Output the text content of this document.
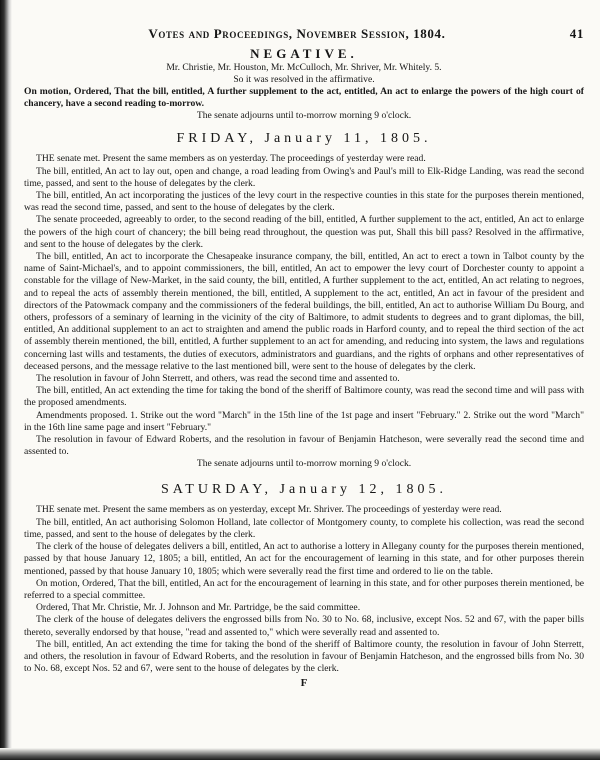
Votes and Proceedings, November Session, 1804.	41
NEGATIVE.
Mr. Christie, Mr. Houston, Mr. McCulloch, Mr. Shriver, Mr. Whitely. 5.
So it was resolved in the affirmative.

On motion, Ordered, That the bill, entitled, A further supplement to the act, entitled, An act to enlarge the powers of the high court of chancery, have a second reading to-morrow.

The senate adjourns until to-morrow morning 9 o'clock.
FRIDAY, January 11, 1805.

THE senate met. Present the same members as on yesterday. The proceedings of yesterday were read.

The bill, entitled, An act to lay out, open and change, a road leading from Owing's and Paul's mill to Elk-Ridge Landing, was read the second time, passed, and sent to the house of delegates by the clerk.

The bill, entitled, An act incorporating the justices of the levy court in the respective counties in this state for the purposes therein mentioned, was read the second time, passed, and sent to the house of delegates by the clerk.

The senate proceeded, agreeably to order, to the second reading of the bill, entitled, A further supplement to the act, entitled, An act to enlarge the powers of the high court of chancery; the bill being read throughout, the question was put, Shall this bill pass? Resolved in the affirmative, and sent to the house of delegates by the clerk.

The bill, entitled, An act to incorporate the Chesapeake insurance company, the bill, entitled, An act to erect a town in Talbot county by the name of Saint-Michael's, and to appoint commissioners, the bill, entitled, An act to empower the levy court of Dorchester county to appoint a constable for the village of New-Market, in the said county, the bill, entitled, A further supplement to the act, entitled, An act relating to negroes, and to repeal the acts of assembly therein mentioned, the bill, entitled, A supplement to the act, entitled, An act in favour of the president and directors of the Patowmack company and the commissioners of the federal buildings, the bill, entitled, An act to authorise William Du Bourg, and others, professors of a seminary of learning in the vicinity of the city of Baltimore, to admit students to degrees and to grant diplomas, the bill, entitled, An additional supplement to an act to straighten and amend the public roads in Harford county, and to repeal the third section of the act of assembly therein mentioned, the bill, entitled, A further supplement to an act for amending, and reducing into system, the laws and regulations concerning last wills and testaments, the duties of executors, administrators and guardians, and the rights of orphans and other representatives of deceased persons, and the message relative to the last mentioned bill, were sent to the house of delegates by the clerk.

The resolution in favour of John Sterrett, and others, was read the second time and assented to.

The bill, entitled, An act extending the time for taking the bond of the sheriff of Baltimore county, was read the second time and will pass with the proposed amendments.

Amendments proposed. 1. Strike out the word "March" in the 15th line of the 1st page and insert "February." 2. Strike out the word "March" in the 16th line same page and insert "February."

The resolution in favour of Edward Roberts, and the resolution in favour of Benjamin Hatcheson, were severally read the second time and assented to.

The senate adjourns until to-morrow morning 9 o'clock.
SATURDAY, January 12, 1805.

THE senate met. Present the same members as on yesterday, except Mr. Shriver. The proceedings of yesterday were read.

The bill, entitled, An act authorising Solomon Holland, late collector of Montgomery county, to complete his collection, was read the second time, passed, and sent to the house of delegates by the clerk.

The clerk of the house of delegates delivers a bill, entitled, An act to authorise a lottery in Allegany county for the purposes therein mentioned, passed by that house January 12, 1805; a bill, entitled, An act for the encouragement of learning in this state, and for other purposes therein mentioned, passed by that house January 10, 1805; which were severally read the first time and ordered to lie on the table.

On motion, Ordered, That the bill, entitled, An act for the encouragement of learning in this state, and for other purposes therein mentioned, be referred to a special committee.

Ordered, That Mr. Christie, Mr. J. Johnson and Mr. Partridge, be the said committee.

The clerk of the house of delegates delivers the engrossed bills from No. 30 to No. 68, inclusive, except Nos. 52 and 67, with the paper bills thereto, severally endorsed by that house, "read and assented to," which were severally read and assented to.

The bill, entitled, An act extending the time for taking the bond of the sheriff of Baltimore county, the resolution in favour of John Sterrett, and others, the resolution in favour of Edward Roberts, and the resolution in favour of Benjamin Hatcheson, and the engrossed bills from No. 30 to No. 68, except Nos. 52 and 67, were sent to the house of delegates by the clerk.

F
